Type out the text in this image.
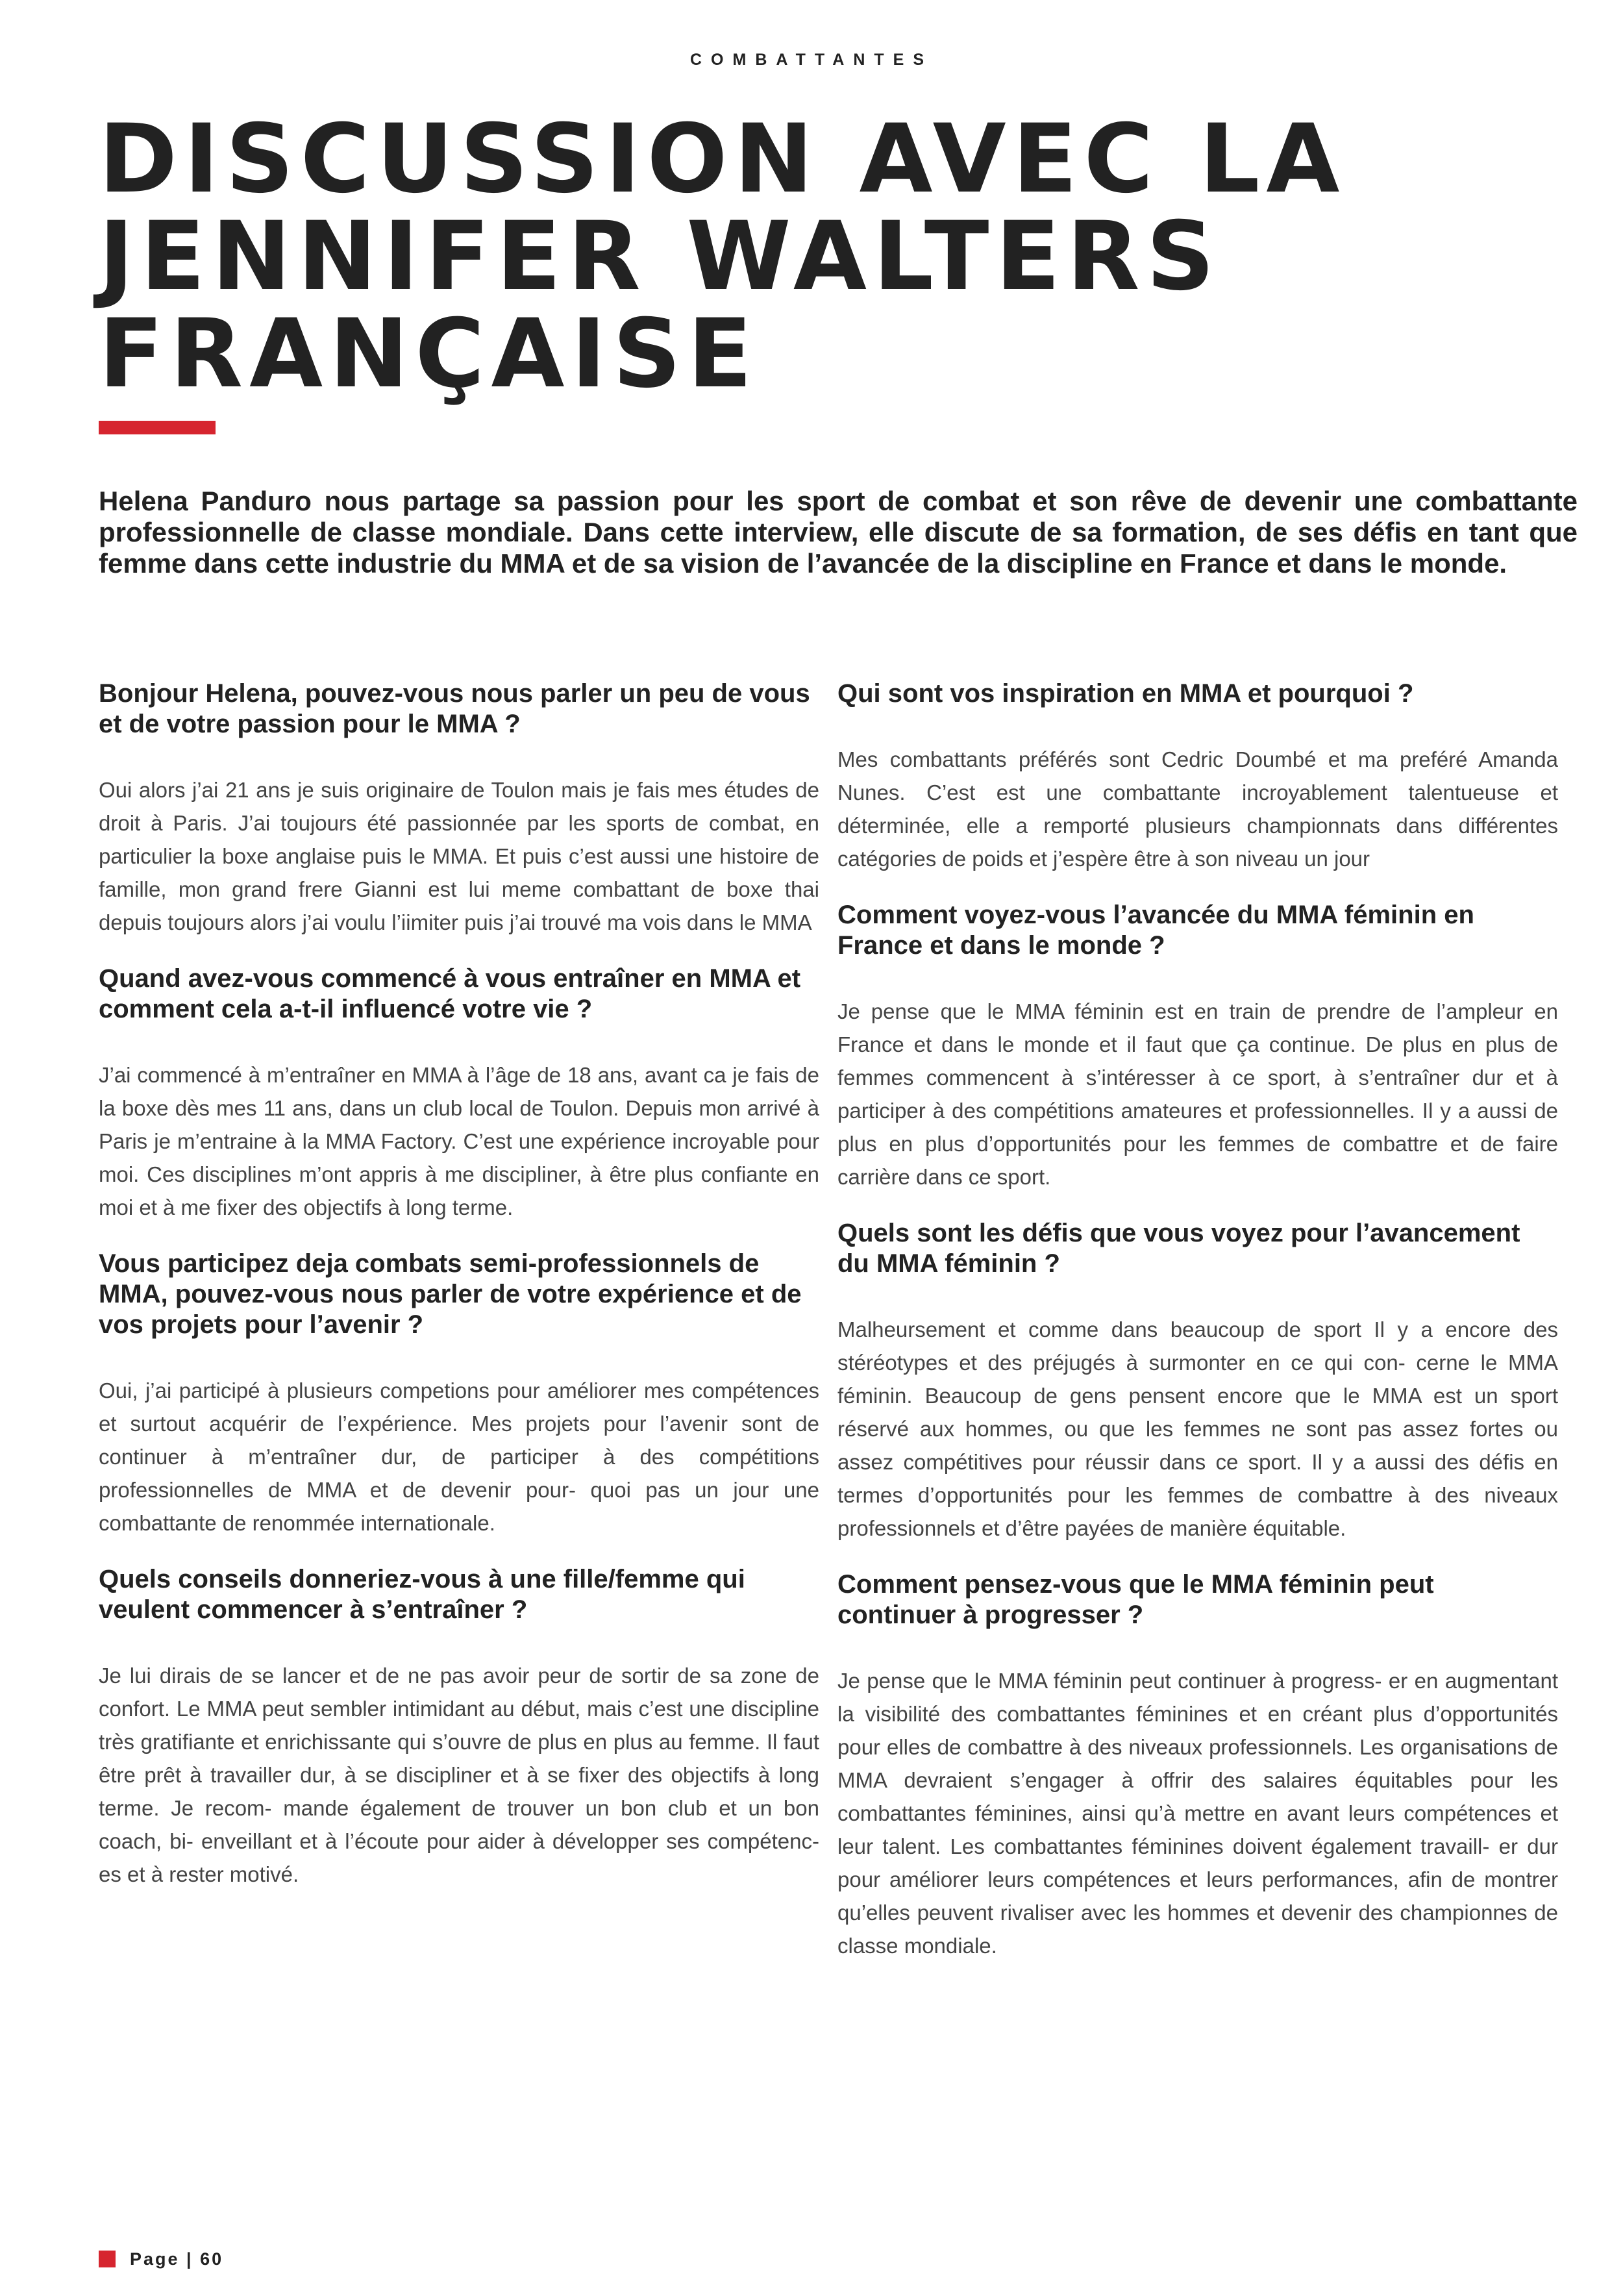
COMBATTANTES
DISCUSSION AVEC LA
JENNIFER WALTERS
FRANÇAISE

Helena Panduro nous partage sa passion pour les sport de combat et son rêve de devenir une combattante professionnelle de classe mondiale. Dans cette interview, elle discute de sa formation, de ses défis en tant que femme dans cette industrie du MMA et de sa vision de l’avancée de la discipline en France et dans le monde.

Bonjour Helena, pouvez-vous nous parler un peu de vous et de votre passion pour le MMA ?

Oui alors j’ai 21 ans je suis originaire de Toulon mais je fais mes études de droit à Paris. J’ai toujours été passionnée par les sports de combat, en particulier la boxe anglaise puis le MMA. Et puis c’est aussi une histoire de famille, mon grand frere Gianni est lui meme combattant de boxe thai depuis toujours alors j’ai voulu l’iimiter puis j’ai trouvé ma vois dans le MMA

Quand avez-vous commencé à vous entraîner en MMA et comment cela a-t-il influencé votre vie ?

J’ai commencé à m’entraîner en MMA à l’âge de 18 ans, avant ca je fais de la boxe dès mes 11 ans, dans un club local de Toulon. Depuis mon arrivé à Paris je m’entraine à la MMA Factory. C’est une expérience incroyable pour moi. Ces disciplines m’ont appris à me discipliner, à être plus confiante en moi et à me fixer des objectifs à long terme.

Vous participez deja combats semi-professionnels de MMA, pouvez-vous nous parler de votre expérience et de vos projets pour l’avenir ?

Oui, j’ai participé à plusieurs competions pour améliorer mes compétences et surtout acquérir de l’expérience. Mes projets pour l’avenir sont de continuer à m’entraîner dur, de participer à des compétitions professionnelles de MMA et de devenir pour- quoi pas un jour une combattante de renommée internationale.

Quels conseils donneriez-vous à une fille/femme qui veulent commencer à s’entraîner ?

Je lui dirais de se lancer et de ne pas avoir peur de sortir de sa zone de confort. Le MMA peut sembler intimidant au début, mais c’est une discipline très gratifiante et enrichissante qui s’ouvre de plus en plus au femme. Il faut être prêt à travailler dur, à se discipliner et à se fixer des objectifs à long terme. Je recom- mande également de trouver un bon club et un bon coach, bi- enveillant et à l’écoute pour aider à développer ses compétenc- es et à rester motivé.

Qui sont vos inspiration en MMA et pourquoi ?

Mes combattants préférés sont Cedric Doumbé et ma preféré Amanda Nunes. C’est est une combattante incroyablement talentueuse et déterminée, elle a remporté plusieurs championnats dans différentes catégories de poids et j’espère être à son niveau un jour

Comment voyez-vous l’avancée du MMA féminin en France et dans le monde ?

Je pense que le MMA féminin est en train de prendre de l’ampleur en France et dans le monde et il faut que ça continue. De plus en plus de femmes commencent à s’intéresser à ce sport, à s’entraîner dur et à participer à des compétitions amateures et professionnelles. Il y a aussi de plus en plus d’opportunités pour les femmes de combattre et de faire carrière dans ce sport.

Quels sont les défis que vous voyez pour l’avancement du MMA féminin ?

Malheursement et comme dans beaucoup de sport Il y a encore des stéréotypes et des préjugés à surmonter en ce qui con- cerne le MMA féminin. Beaucoup de gens pensent encore que le MMA est un sport réservé aux hommes, ou que les femmes ne sont pas assez fortes ou assez compétitives pour réussir dans ce sport. Il y a aussi des défis en termes d’opportunités pour les femmes de combattre à des niveaux professionnels et d’être payées de manière équitable.

Comment pensez-vous que le MMA féminin peut continuer à progresser ?

Je pense que le MMA féminin peut continuer à progress- er en augmentant la visibilité des combattantes féminines et en créant plus d’opportunités pour elles de combattre à des niveaux professionnels. Les organisations de MMA devraient s’engager à offrir des salaires équitables pour les combattantes féminines, ainsi qu’à mettre en avant leurs compétences et leur talent. Les combattantes féminines doivent également travaill- er dur pour améliorer leurs compétences et leurs performances, afin de montrer qu’elles peuvent rivaliser avec les hommes et devenir des championnes de classe mondiale.

Page | 60
